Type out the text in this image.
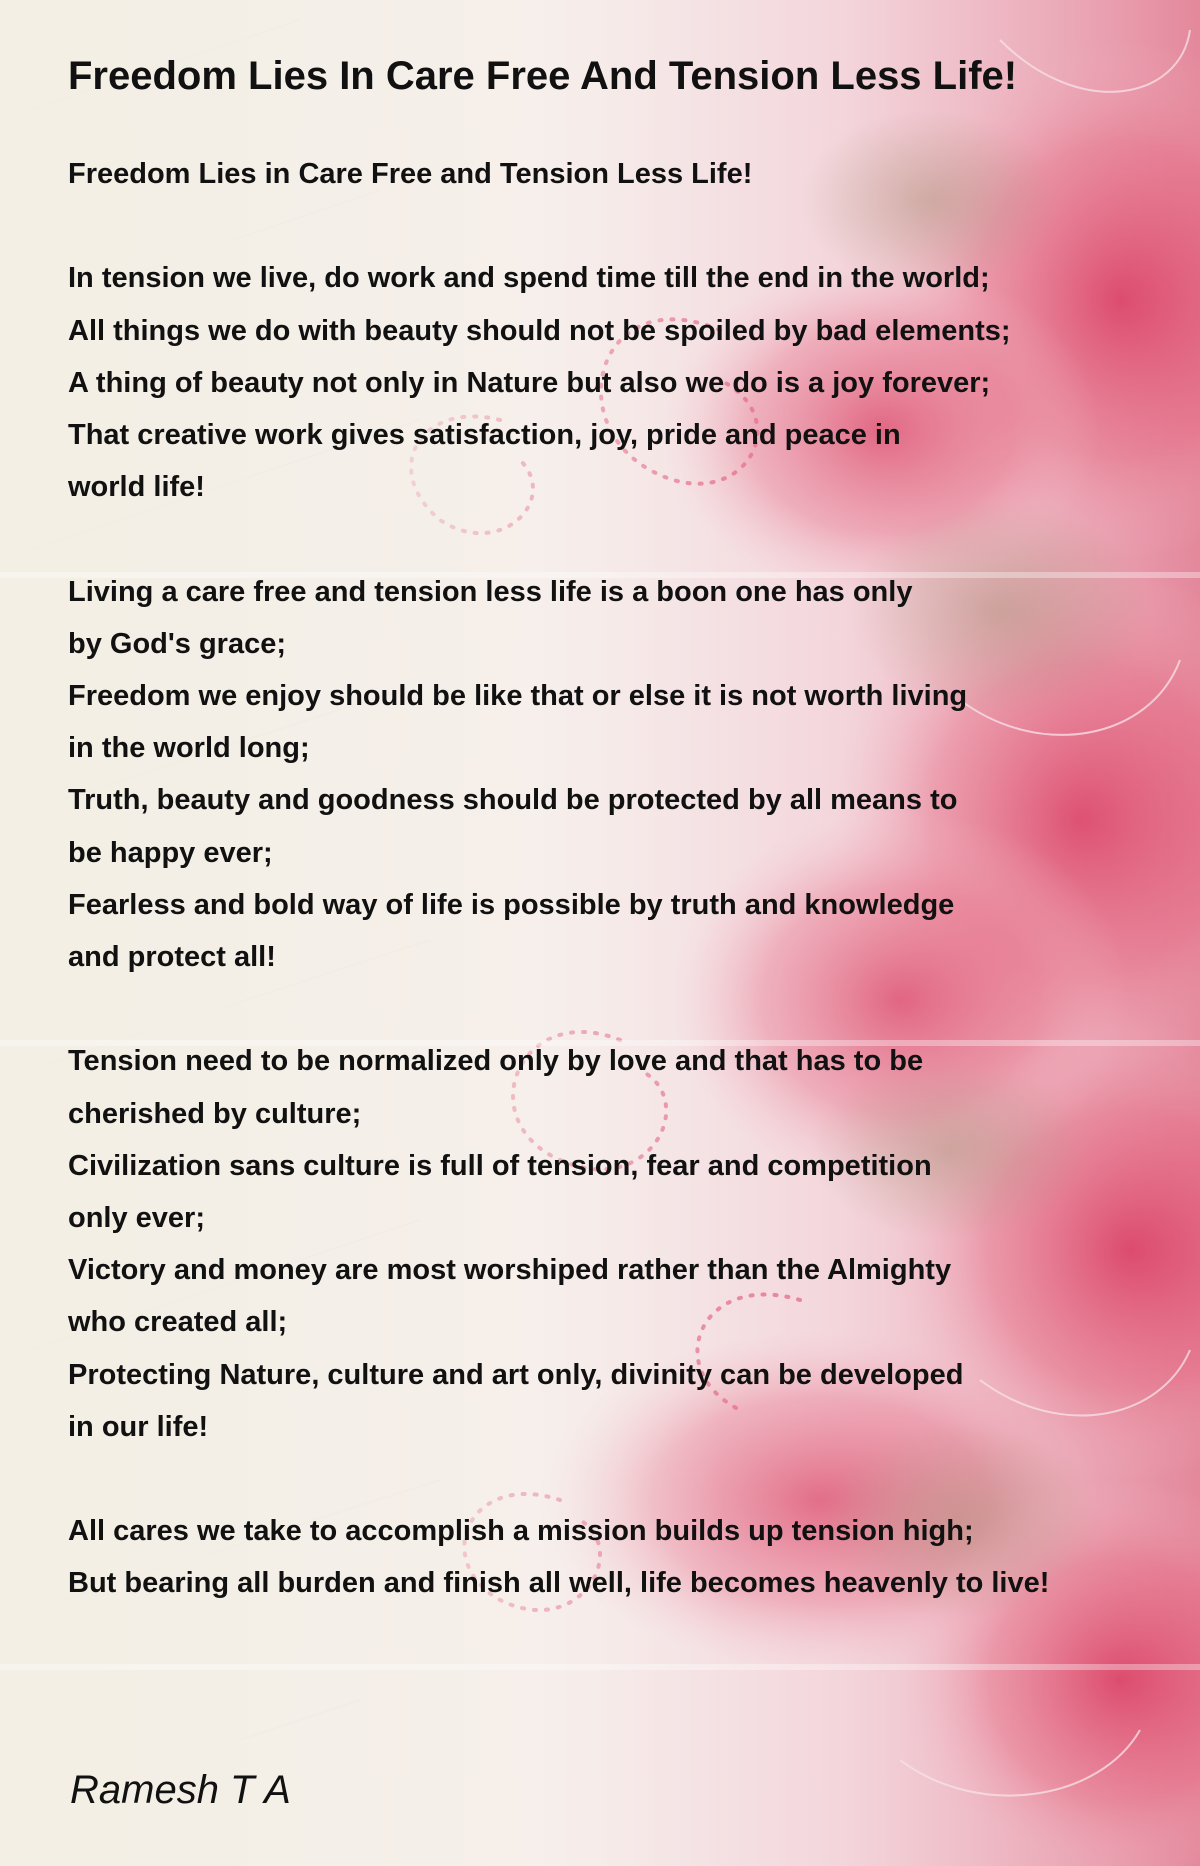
Freedom Lies In Care Free And Tension Less Life!
Freedom Lies in Care Free and Tension Less Life!
In tension we live, do work and spend time till the end in the world;
All things we do with beauty should not be spoiled by bad elements;
A thing of beauty not only in Nature but also we do is a joy forever;
That creative work gives satisfaction, joy, pride and peace in
world life!
Living a care free and tension less life is a boon one has only
by God's grace;
Freedom we enjoy should be like that or else it is not worth living
in the world long;
Truth, beauty and goodness should be protected by all means to
be happy ever;
Fearless and bold way of life is possible by truth and knowledge
and protect all!
Tension need to be normalized only by love and that has to be
cherished by culture;
Civilization sans culture is full of tension, fear and competition
only ever;
Victory and money are most worshiped rather than the Almighty
who created all;
Protecting Nature, culture and art only, divinity can be developed
in our life!
All cares we take to accomplish a mission builds up tension high;
But bearing all burden and finish all well, life becomes heavenly to live!
Ramesh T A
